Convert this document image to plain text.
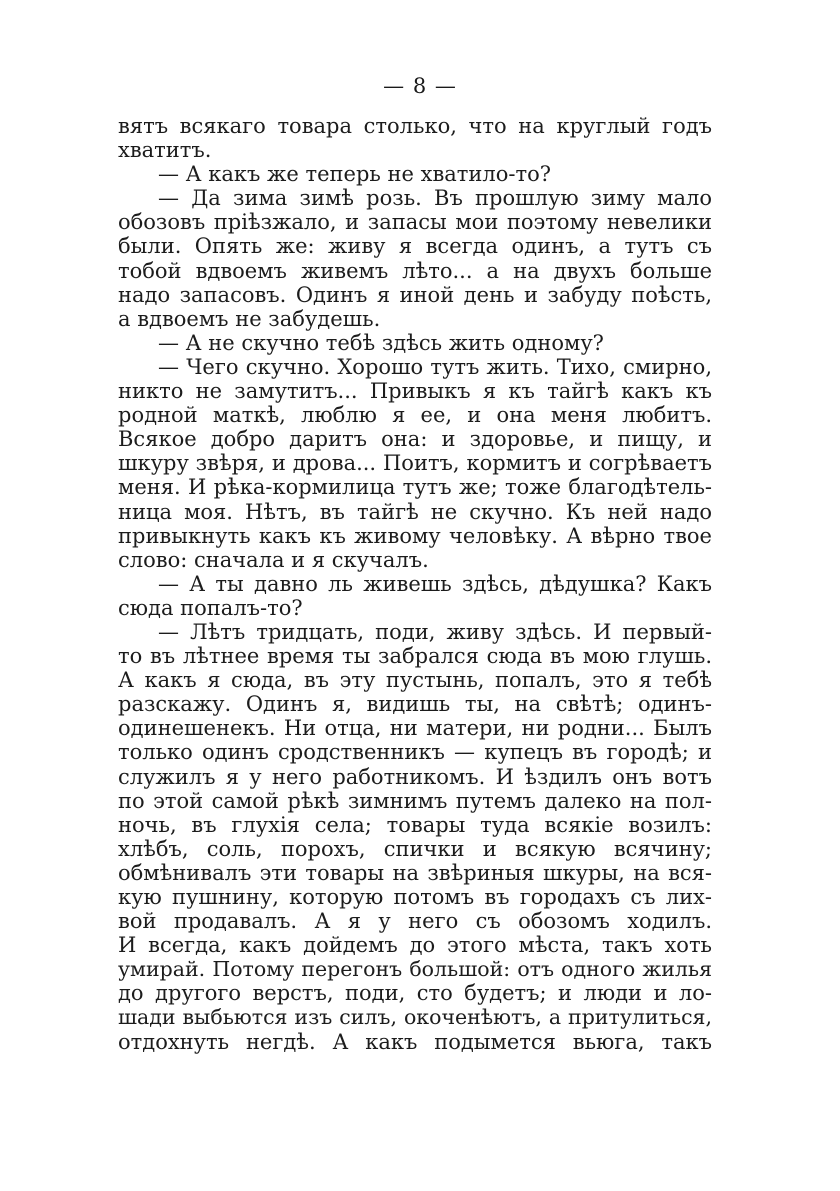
— 8 —
вятъ всякаго товара столько, что на круглый годъ
хватитъ.
— А какъ же теперь не хватило-то?
— Да зима зимѣ розь. Въ прошлую зиму мало
обозовъ пріѣзжало, и запасы мои поэтому невелики
были. Опять же: живу я всегда одинъ, а тутъ съ
тобой вдвоемъ живемъ лѣто... а на двухъ больше
надо запасовъ. Одинъ я иной день и забуду поѣсть,
а вдвоемъ не забудешь.
— А не скучно тебѣ здѣсь жить одному?
— Чего скучно. Хорошо тутъ жить. Тихо, смирно,
никто не замутитъ... Привыкъ я къ тайгѣ какъ къ
родной маткѣ, люблю я ее, и она меня любитъ.
Всякое добро даритъ она: и здоровье, и пищу, и
шкуру звѣря, и дрова... Поитъ, кормитъ и согрѣваетъ
меня. И рѣка-кормилица тутъ же; тоже благодѣтель-
ница моя. Нѣтъ, въ тайгѣ не скучно. Къ ней надо
привыкнуть какъ къ живому человѣку. А вѣрно твое
слово: сначала и я скучалъ.
— А ты давно ль живешь здѣсь, дѣдушка? Какъ
сюда попалъ-то?
— Лѣтъ тридцать, поди, живу здѣсь. И первый-
то въ лѣтнее время ты забрался сюда въ мою глушь.
А какъ я сюда, въ эту пустынь, попалъ, это я тебѣ
разскажу. Одинъ я, видишь ты, на свѣтѣ; одинъ-
одинешенекъ. Ни отца, ни матери, ни родни... Былъ
только одинъ сродственникъ — купецъ въ городѣ; и
служилъ я у него работникомъ. И ѣздилъ онъ вотъ
по этой самой рѣкѣ зимнимъ путемъ далеко на пол-
ночь, въ глухія села; товары туда всякіе возилъ:
хлѣбъ, соль, порохъ, спички и всякую всячину;
обмѣнивалъ эти товары на звѣриныя шкуры, на вся-
кую пушнину, которую потомъ въ городахъ съ лих-
вой продавалъ. А я у него съ обозомъ ходилъ.
И всегда, какъ дойдемъ до этого мѣста, такъ хоть
умирай. Потому перегонъ большой: отъ одного жилья
до другого верстъ, поди, сто будетъ; и люди и ло-
шади выбьются изъ силъ, окоченѣютъ, а притулиться,
отдохнуть негдѣ. А какъ подымется вьюга, такъ
